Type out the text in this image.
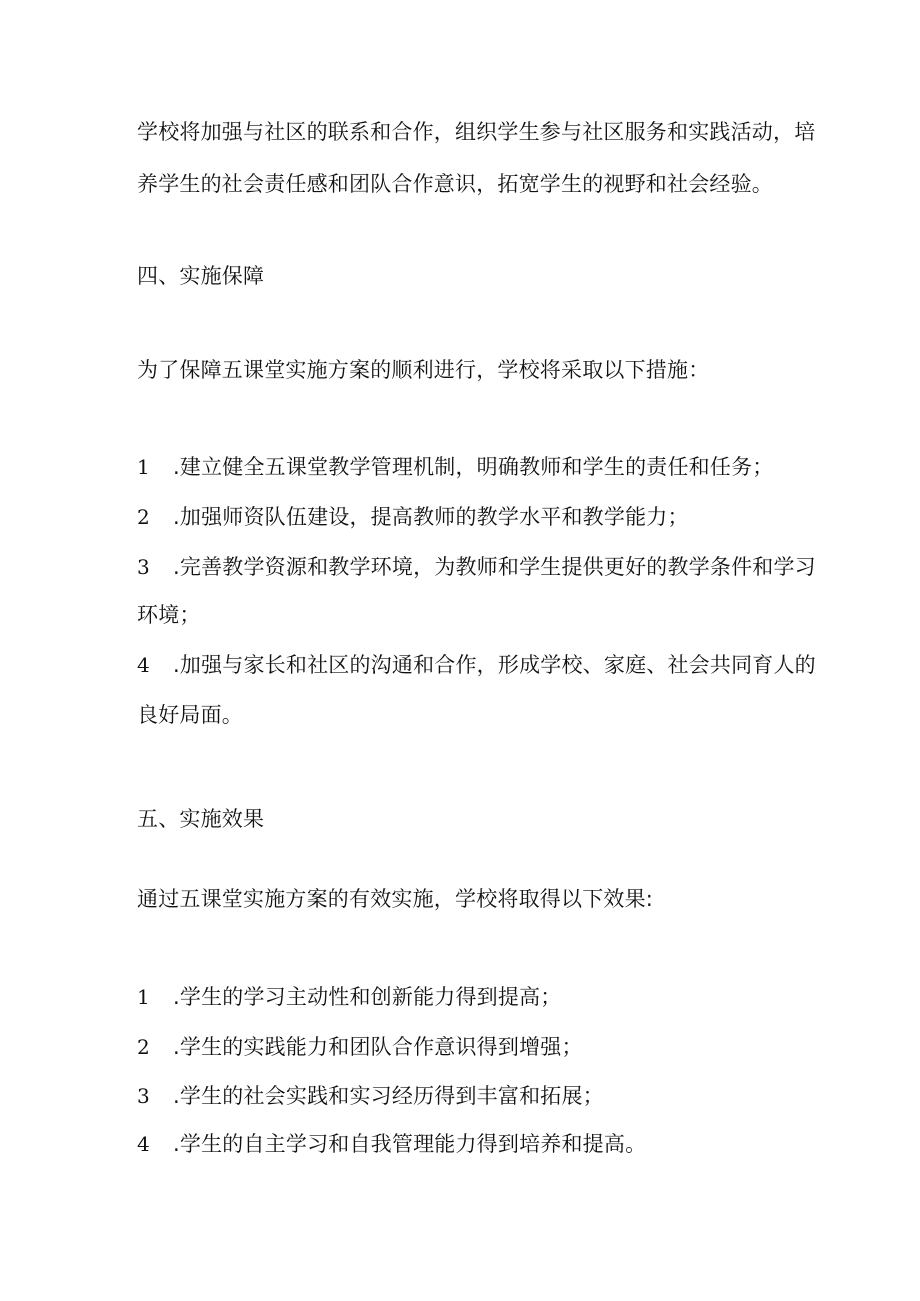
学校将加强与社区的联系和合作，组织学生参与社区服务和实践活动，培
养学生的社会责任感和团队合作意识，拓宽学生的视野和社会经验。
四、实施保障
为了保障五课堂实施方案的顺利进行，学校将采取以下措施：
1 .建立健全五课堂教学管理机制，明确教师和学生的责任和任务；
2 .加强师资队伍建设，提高教师的教学水平和教学能力；
3 .完善教学资源和教学环境，为教师和学生提供更好的教学条件和学习
环境；
4 .加强与家长和社区的沟通和合作，形成学校、家庭、社会共同育人的
良好局面。
五、实施效果
通过五课堂实施方案的有效实施，学校将取得以下效果:
1 .学生的学习主动性和创新能力得到提高；
2 .学生的实践能力和团队合作意识得到增强；
3 .学生的社会实践和实习经历得到丰富和拓展；
4 .学生的自主学习和自我管理能力得到培养和提高。
